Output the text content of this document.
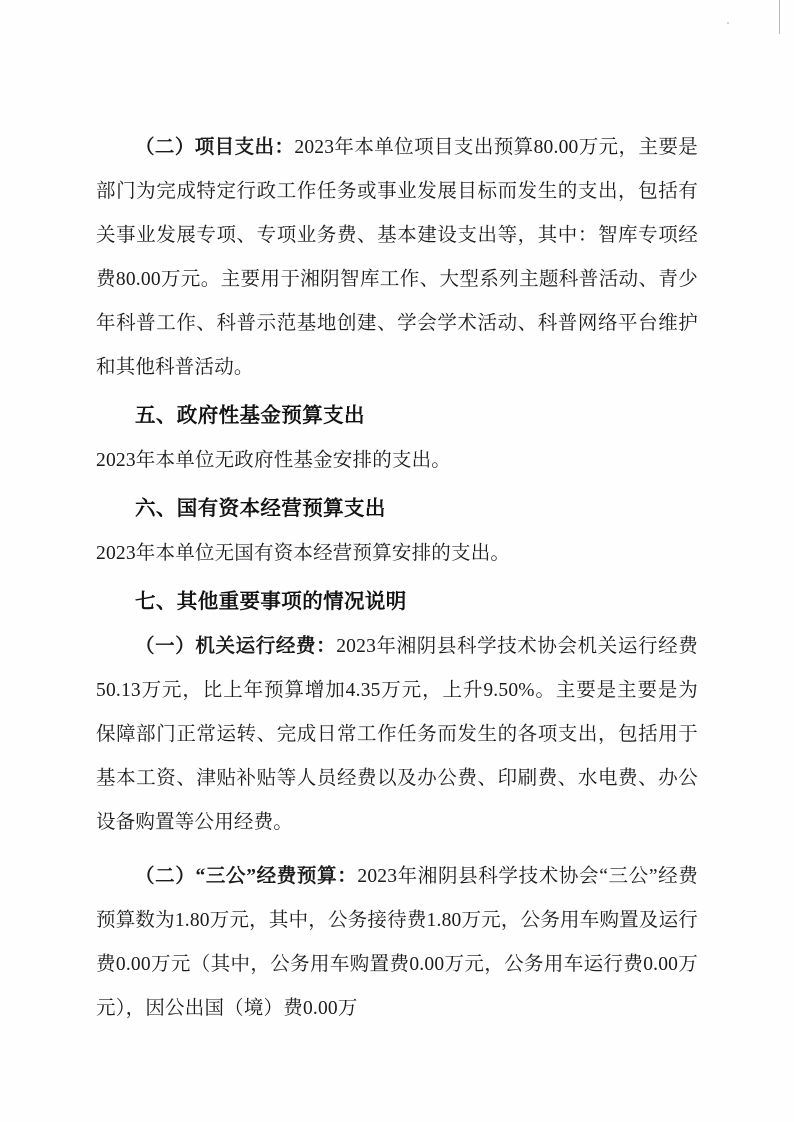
（二）项目支出：2023年本单位项目支出预算80.00万元，主要是部门为完成特定行政工作任务或事业发展目标而发生的支出，包括有关事业发展专项、专项业务费、基本建设支出等，其中：智库专项经费80.00万元。主要用于湘阴智库工作、大型系列主题科普活动、青少年科普工作、科普示范基地创建、学会学术活动、科普网络平台维护和其他科普活动。

五、政府性基金预算支出

2023年本单位无政府性基金安排的支出。

六、国有资本经营预算支出

2023年本单位无国有资本经营预算安排的支出。

七、其他重要事项的情况说明

（一）机关运行经费：2023年湘阴县科学技术协会机关运行经费50.13万元，比上年预算增加4.35万元，上升9.50%。主要是主要是为保障部门正常运转、完成日常工作任务而发生的各项支出，包括用于基本工资、津贴补贴等人员经费以及办公费、印刷费、水电费、办公设备购置等公用经费。

（二）“三公”经费预算：2023年湘阴县科学技术协会“三公”经费预算数为1.80万元，其中，公务接待费1.80万元，公务用车购置及运行费0.00万元（其中，公务用车购置费0.00万元，公务用车运行费0.00万元），因公出国（境）费0.00万
